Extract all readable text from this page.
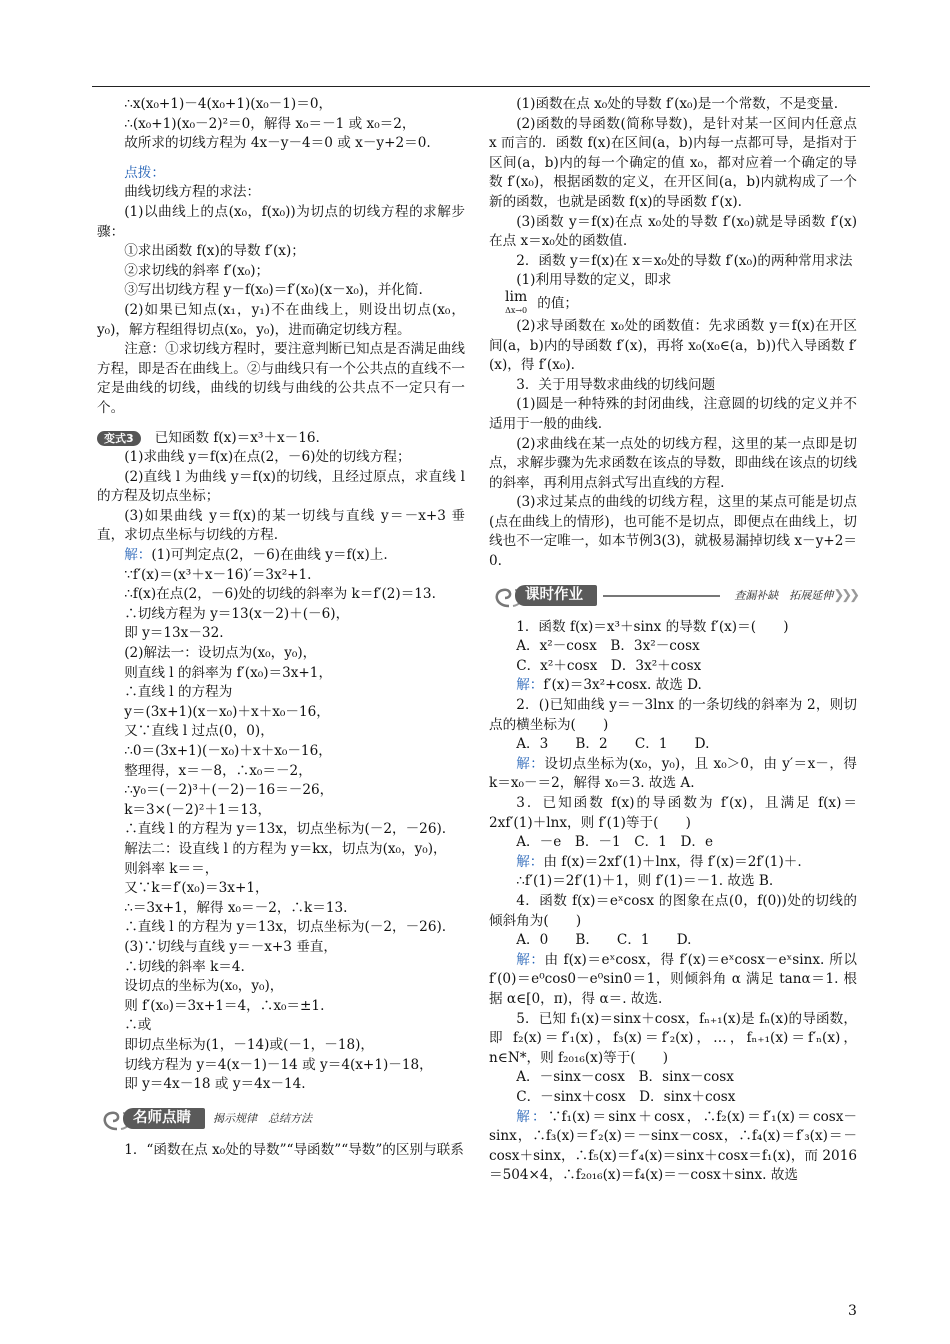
∴x(x₀+1)－4(x₀+1)(x₀－1)＝0，

∴(x₀+1)(x₀－2)²＝0，解得 x₀＝－1 或 x₀＝2，

故所求的切线方程为 4x－y－4＝0 或 x－y+2＝0.

点拨：

曲线切线方程的求法：

(1)以曲线上的点(x₀，f(x₀))为切点的切线方程的求解步骤：

①求出函数 f(x)的导数 f′(x)；

②求切线的斜率 f′(x₀)；

③写出切线方程 y－f(x₀)＝f′(x₀)(x－x₀)，并化简.

(2)如果已知点(x₁，y₁)不在曲线上，则设出切点(x₀，y₀)，解方程组得切点(x₀，y₀)，进而确定切线方程。

注意：①求切线方程时，要注意判断已知点是否满足曲线方程，即是否在曲线上。②与曲线只有一个公共点的直线不一定是曲线的切线，曲线的切线与曲线的公共点不一定只有一个。

变式3 已知函数 f(x)＝x³＋x－16.

(1)求曲线 y＝f(x)在点(2，－6)处的切线方程；

(2)直线 l 为曲线 y＝f(x)的切线，且经过原点，求直线 l 的方程及切点坐标；

(3)如果曲线 y＝f(x)的某一切线与直线 y＝－x+3 垂直，求切点坐标与切线的方程.

解：(1)可判定点(2，－6)在曲线 y＝f(x)上.

∵f′(x)＝(x³＋x－16)′＝3x²+1.

∴f(x)在点(2，－6)处的切线的斜率为 k＝f′(2)＝13.

∴切线方程为 y＝13(x－2)＋(－6)，

即 y＝13x－32.

(2)解法一：设切点为(x₀，y₀)，

则直线 l 的斜率为 f′(x₀)＝3x+1，

∴直线 l 的方程为

y＝(3x+1)(x－x₀)＋x＋x₀－16，

又∵直线 l 过点(0，0)，

∴0＝(3x+1)(－x₀)＋x＋x₀－16，

整理得，x＝－8，∴x₀＝－2，

∴y₀＝(－2)³＋(－2)－16＝－26，

k＝3×(－2)²＋1＝13，

∴直线 l 的方程为 y＝13x，切点坐标为(－2，－26).

解法二：设直线 l 的方程为 y＝kx，切点为(x₀，y₀)，

则斜率 k＝＝，

又∵k＝f′(x₀)＝3x+1，

∴＝3x+1，解得 x₀＝－2，∴k＝13.

∴直线 l 的方程为 y＝13x，切点坐标为(－2，－26).

(3)∵切线与直线 y＝－x+3 垂直，

∴切线的斜率 k＝4.

设切点的坐标为(x₀，y₀)，

则 f′(x₀)＝3x+1＝4，∴x₀＝±1.

∴或

即切点坐标为(1，－14)或(－1，－18)，

切线方程为 y＝4(x－1)－14 或 y＝4(x+1)－18，

即 y＝4x－18 或 y＝4x－14.

名师点睛	揭示规律　总结方法

1．“函数在点 x₀处的导数”“导函数”“导数”的区别与联系

(1)函数在点 x₀处的导数 f′(x₀)是一个常数，不是变量.

(2)函数的导函数(简称导数)，是针对某一区间内任意点 x 而言的．函数 f(x)在区间(a，b)内每一点都可导，是指对于区间(a，b)内的每一个确定的值 x₀，都对应着一个确定的导数 f′(x₀)，根据函数的定义，在开区间(a，b)内就构成了一个新的函数，也就是函数 f(x)的导函数 f′(x).

(3)函数 y＝f(x)在点 x₀处的导数 f′(x₀)就是导函数 f′(x)在点 x＝x₀处的函数值.

2．函数 y＝f(x)在 x＝x₀处的导数 f′(x₀)的两种常用求法

(1)利用导数的定义，即求

lim
Δx→0 的值；

(2)求导函数在 x₀处的函数值：先求函数 y＝f(x)在开区间(a，b)内的导函数 f′(x)，再将 x₀(x₀∈(a，b))代入导函数 f′(x)，得 f′(x₀).

3．关于用导数求曲线的切线问题

(1)圆是一种特殊的封闭曲线，注意圆的切线的定义并不适用于一般的曲线.

(2)求曲线在某一点处的切线方程，这里的某一点即是切点，求解步骤为先求函数在该点的导数，即曲线在该点的切线的斜率，再利用点斜式写出直线的方程.

(3)求过某点的曲线的切线方程，这里的某点可能是切点(点在曲线上的情形)，也可能不是切点，即便点在曲线上，切线也不一定唯一，如本节例3(3)，就极易漏掉切线 x－y+2＝0.

课时作业	查漏补缺　拓展延伸 ❯❯❯

1．函数 f(x)＝x³＋sinx 的导数 f′(x)＝(　　)

A．x²－cosx　B．3x²－cosx

C．x²＋cosx　D．3x²＋cosx

解：f′(x)＝3x²+cosx. 故选 D.

2．()已知曲线 y＝－3lnx 的一条切线的斜率为 2，则切点的横坐标为(　　)

A．3　　B．2　　C．1　　D.

解：设切点坐标为(x₀，y₀)，且 x₀＞0，由 y′＝x－，得 k＝x₀－＝2，解得 x₀＝3. 故选 A.

3．已知函数 f(x)的导函数为 f′(x)，且满足 f(x)＝2xf′(1)＋lnx，则 f′(1)等于(　　)

A．－e　B．－1　C．1　D．e

解：由 f(x)＝2xf′(1)＋lnx，得 f′(x)＝2f′(1)＋.

∴f′(1)＝2f′(1)＋1，则 f′(1)＝－1. 故选 B.

4．函数 f(x)＝eˣcosx 的图象在点(0，f(0))处的切线的倾斜角为(　　)

A．0　　B.　　C．1　　D.

解：由 f(x)＝eˣcosx，得 f′(x)＝eˣcosx－eˣsinx. 所以 f′(0)＝e⁰cos0－e⁰sin0＝1，则倾斜角 α 满足 tanα＝1. 根据 α∈[0，π)，得 α＝. 故选.

5．已知 f₁(x)＝sinx＋cosx，fₙ₊₁(x)是 fₙ(x)的导函数，即 f₂(x)＝f′₁(x)，f₃(x)＝f′₂(x)，…，fₙ₊₁(x)＝f′ₙ(x)，n∈N*，则 f₂₀₁₆(x)等于(　　)

A．－sinx－cosx　B．sinx－cosx

C．－sinx＋cosx　D．sinx＋cosx

解：∵f₁(x)＝sinx＋cosx，∴f₂(x)＝f′₁(x)＝cosx－sinx，∴f₃(x)＝f′₂(x)＝－sinx－cosx，∴f₄(x)＝f′₃(x)＝－cosx＋sinx，∴f₅(x)＝f′₄(x)＝sinx＋cosx＝f₁(x)，而 2016＝504×4，∴f₂₀₁₆(x)＝f₄(x)＝－cosx＋sinx. 故选

3
